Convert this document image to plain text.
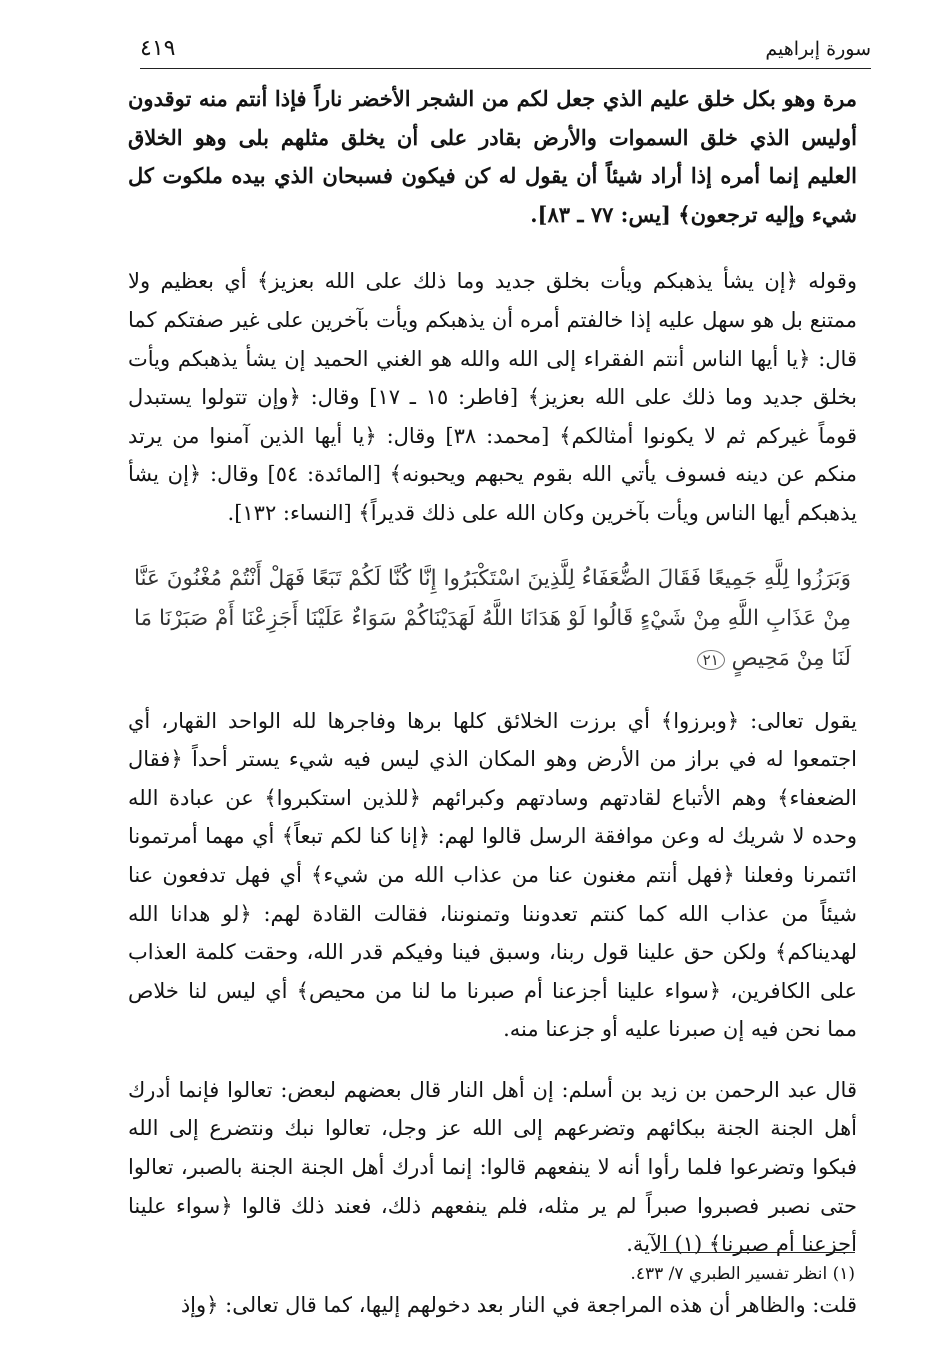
سورة إبراهيم
٤١٩

مرة وهو بكل خلق عليم الذي جعل لكم من الشجر الأخضر ناراً فإذا أنتم منه توقدون أوليس الذي خلق السموات والأرض بقادر على أن يخلق مثلهم بلى وهو الخلاق العليم إنما أمره إذا أراد شيئاً أن يقول له كن فيكون فسبحان الذي بيده ملكوت كل شيء وإليه ترجعون﴾ [يس: ٧٧ ـ ٨٣].

وقوله ﴿إن يشأ يذهبكم ويأت بخلق جديد وما ذلك على الله بعزيز﴾ أي بعظيم ولا ممتنع بل هو سهل عليه إذا خالفتم أمره أن يذهبكم ويأت بآخرين على غير صفتكم كما قال: ﴿يا أيها الناس أنتم الفقراء إلى الله والله هو الغني الحميد إن يشأ يذهبكم ويأت بخلق جديد وما ذلك على الله بعزيز﴾ [فاطر: ١٥ ـ ١٧] وقال: ﴿وإن تتولوا يستبدل قوماً غيركم ثم لا يكونوا أمثالكم﴾ [محمد: ٣٨] وقال: ﴿يا أيها الذين آمنوا من يرتد منكم عن دينه فسوف يأتي الله بقوم يحبهم ويحبونه﴾ [المائدة: ٥٤] وقال: ﴿إن يشأ يذهبكم أيها الناس ويأت بآخرين وكان الله على ذلك قديراً﴾ [النساء: ١٣٢].

وَبَرَزُوا لِلَّهِ جَمِيعًا فَقَالَ الضُّعَفَاءُ لِلَّذِينَ اسْتَكْبَرُوا إِنَّا كُنَّا لَكُمْ تَبَعًا فَهَلْ أَنْتُمْ مُغْنُونَ عَنَّا مِنْ عَذَابِ اللَّهِ مِنْ شَيْءٍ قَالُوا لَوْ هَدَانَا اللَّهُ لَهَدَيْنَاكُمْ سَوَاءٌ عَلَيْنَا أَجَزِعْنَا أَمْ صَبَرْنَا مَا لَنَا مِنْ مَحِيصٍ ٢١

يقول تعالى: ﴿وبرزوا﴾ أي برزت الخلائق كلها برها وفاجرها لله الواحد القهار، أي اجتمعوا له في براز من الأرض وهو المكان الذي ليس فيه شيء يستر أحداً ﴿فقال الضعفاء﴾ وهم الأتباع لقادتهم وسادتهم وكبرائهم ﴿للذين استكبروا﴾ عن عبادة الله وحده لا شريك له وعن موافقة الرسل قالوا لهم: ﴿إنا كنا لكم تبعاً﴾ أي مهما أمرتمونا ائتمرنا وفعلنا ﴿فهل أنتم مغنون عنا من عذاب الله من شيء﴾ أي فهل تدفعون عنا شيئاً من عذاب الله كما كنتم تعدوننا وتمنوننا، فقالت القادة لهم: ﴿لو هدانا الله لهديناكم﴾ ولكن حق علينا قول ربنا، وسبق فينا وفيكم قدر الله، وحقت كلمة العذاب على الكافرين، ﴿سواء علينا أجزعنا أم صبرنا ما لنا من محيص﴾ أي ليس لنا خلاص مما نحن فيه إن صبرنا عليه أو جزعنا منه.

قال عبد الرحمن بن زيد بن أسلم: إن أهل النار قال بعضهم لبعض: تعالوا فإنما أدرك أهل الجنة الجنة ببكائهم وتضرعهم إلى الله عز وجل، تعالوا نبك ونتضرع إلى الله فبكوا وتضرعوا فلما رأوا أنه لا ينفعهم قالوا: إنما أدرك أهل الجنة الجنة بالصبر، تعالوا حتى نصبر فصبروا صبراً لم ير مثله، فلم ينفعهم ذلك، فعند ذلك قالوا ﴿سواء علينا أجزعنا أم صبرنا﴾ (١) الآية.

قلت: والظاهر أن هذه المراجعة في النار بعد دخولهم إليها، كما قال تعالى: ﴿وإذ

(١) انظر تفسير الطبري ٧/ ٤٣٣.
